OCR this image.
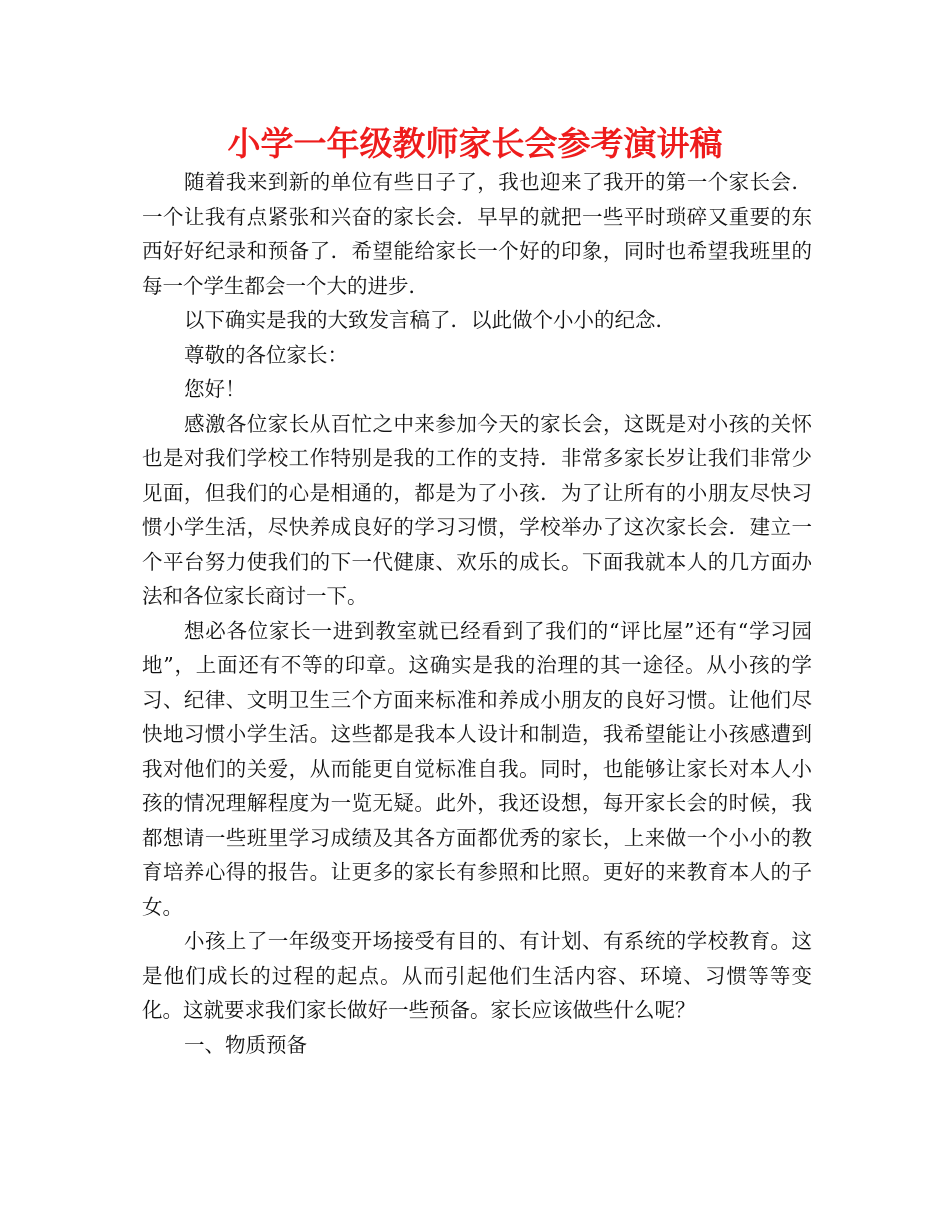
小学一年级教师家长会参考演讲稿

随着我来到新的单位有些日子了，我也迎来了我开的第一个家长会．一个让我有点紧张和兴奋的家长会．早早的就把一些平时琐碎又重要的东西好好纪录和预备了．希望能给家长一个好的印象，同时也希望我班里的每一个学生都会一个大的进步．

以下确实是我的大致发言稿了．以此做个小小的纪念．

尊敬的各位家长：

您好！

感激各位家长从百忙之中来参加今天的家长会，这既是对小孩的关怀也是对我们学校工作特别是我的工作的支持．非常多家长岁让我们非常少见面，但我们的心是相通的，都是为了小孩．为了让所有的小朋友尽快习惯小学生活，尽快养成良好的学习习惯，学校举办了这次家长会．建立一个平台努力使我们的下一代健康、欢乐的成长。下面我就本人的几方面办法和各位家长商讨一下。

想必各位家长一进到教室就已经看到了我们的“评比屋”还有“学习园地”，上面还有不等的印章。这确实是我的治理的其一途径。从小孩的学习、纪律、文明卫生三个方面来标准和养成小朋友的良好习惯。让他们尽快地习惯小学生活。这些都是我本人设计和制造，我希望能让小孩感遭到我对他们的关爱，从而能更自觉标准自我。同时，也能够让家长对本人小孩的情况理解程度为一览无疑。此外，我还设想，每开家长会的时候，我都想请一些班里学习成绩及其各方面都优秀的家长，上来做一个小小的教育培养心得的报告。让更多的家长有参照和比照。更好的来教育本人的子女。

小孩上了一年级变开场接受有目的、有计划、有系统的学校教育。这是他们成长的过程的起点。从而引起他们生活内容、环境、习惯等等变化。这就要求我们家长做好一些预备。家长应该做些什么呢？

一、物质预备
